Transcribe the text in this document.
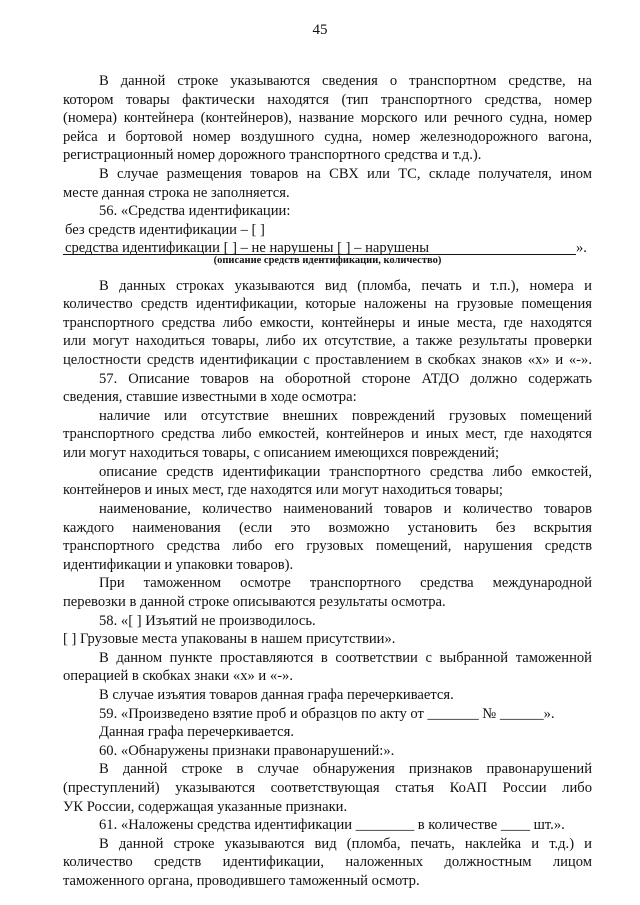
45
(описание средств идентификации, количество)
В данной строке указываются сведения о транспортном средстве, на
котором товары фактически находятся (тип транспортного средства, номер
(номера) контейнера (контейнеров), название морского или речного судна, номер
рейса и бортовой номер воздушного судна, номер железнодорожного вагона,
регистрационный номер дорожного транспортного средства и т.д.).
В случае размещения товаров на СВХ или ТС, складе получателя, ином
месте данная строка не заполняется.
56. «Средства идентификации:
без средств идентификации – [ ]
средства идентификации [ ] – не нарушены [ ] – нарушены	».
В данных строках указываются вид (пломба, печать и т.п.), номера и
количество средств идентификации, которые наложены на грузовые помещения
транспортного средства либо емкости, контейнеры и иные места, где находятся
или могут находиться товары, либо их отсутствие, а также результаты проверки
целостности средств идентификации с проставлением в скобках знаков «х» и «-».
57. Описание товаров на оборотной стороне АТДО должно содержать
сведения, ставшие известными в ходе осмотра:
наличие или отсутствие внешних повреждений грузовых помещений
транспортного средства либо емкостей, контейнеров и иных мест, где находятся
или могут находиться товары, с описанием имеющихся повреждений;
описание средств идентификации транспортного средства либо емкостей,
контейнеров и иных мест, где находятся или могут находиться товары;
наименование, количество наименований товаров и количество товаров
каждого наименования (если это возможно установить без вскрытия
транспортного средства либо его грузовых помещений, нарушения средств
идентификации и упаковки товаров).
При таможенном осмотре транспортного средства международной
перевозки в данной строке описываются результаты осмотра.
58. «[ ] Изъятий не производилось.
[ ] Грузовые места упакованы в нашем присутствии».
В данном пункте проставляются в соответствии с выбранной таможенной
операцией в скобках знаки «х» и «-».
В случае изъятия товаров данная графа перечеркивается.
59. «Произведено взятие проб и образцов по акту от _______ № ______».
Данная графа перечеркивается.
60. «Обнаружены признаки правонарушений:».
В данной строке в случае обнаружения признаков правонарушений
(преступлений) указываются соответствующая статья КоАП России либо
УК России, содержащая указанные признаки.
61. «Наложены средства идентификации ________ в количестве ____ шт.».
В данной строке указываются вид (пломба, печать, наклейка и т.д.) и
количество средств идентификации, наложенных должностным лицом
таможенного органа, проводившего таможенный осмотр.
